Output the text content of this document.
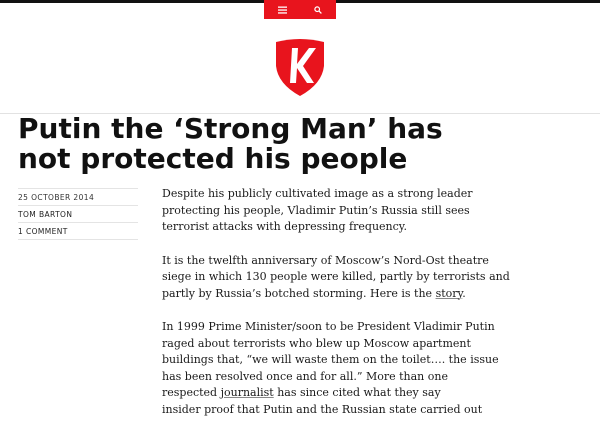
Putin the ‘Strong Man’ has
not protected his people
25 OCTOBER 2014
TOM BARTON
1 COMMENT

Despite his publicly cultivated image as a strong leader
protecting his people, Vladimir Putin’s Russia still sees
terrorist attacks with depressing frequency.

It is the twelfth anniversary of Moscow’s Nord-Ost theatre
siege in which 130 people were killed, partly by terrorists and
partly by Russia’s botched storming. Here is the story.

In 1999 Prime Minister/soon to be President Vladimir Putin
raged about terrorists who blew up Moscow apartment
buildings that, “we will waste them on the toilet…. the issue
has been resolved once and for all.” More than one
respected journalist has since cited what they say
insider proof that Putin and the Russian state carried out
